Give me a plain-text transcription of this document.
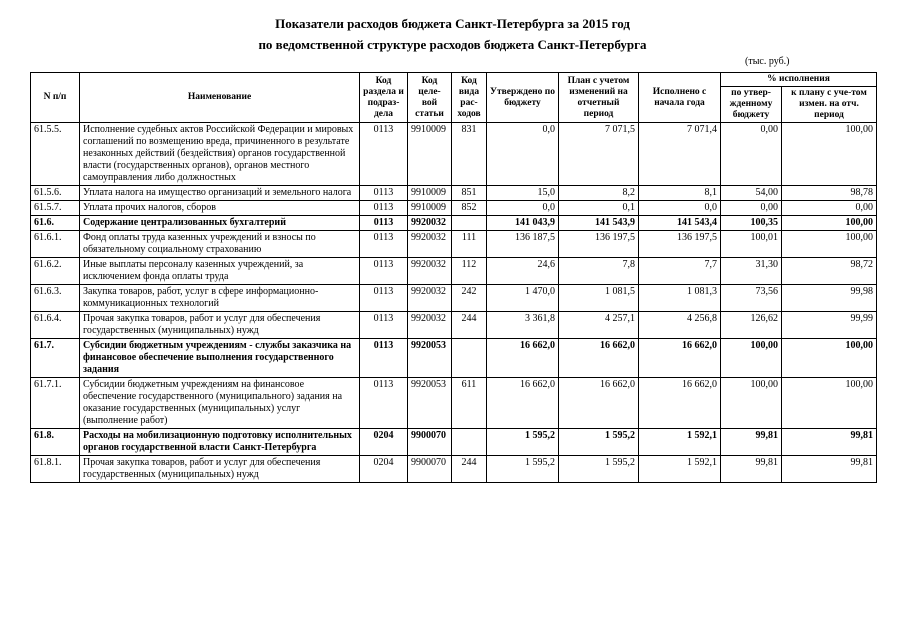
Показатели расходов бюджета Санкт-Петербурга за 2015 год
по ведомственной структуре расходов бюджета Санкт-Петербурга
(тыс. руб.)
N п/п	Наименование	Код раздела и подраз-дела	Код целе-вой статьи	Код вида рас-ходов	Утверждено по бюджету	План с учетом изменений на отчетный период	Исполнено с начала года	% исполнения	
								по утвер-жденному бюджету	к плану с уче-том измен. на отч. период
61.5.5.	Исполнение судебных актов Российской Федерации и мировых соглашений по возмещению вреда, причиненного в результате незаконных действий (бездействия) органов государственной власти (государственных органов), органов местного самоуправления либо должностных	0113	9910009	831	0,0	7 071,5	7 071,4	0,00	100,00
61.5.6.	Уплата налога на имущество организаций и земельного налога	0113	9910009	851	15,0	8,2	8,1	54,00	98,78
61.5.7.	Уплата прочих налогов, сборов	0113	9910009	852	0,0	0,1	0,0	0,00	0,00
61.6.	Содержание централизованных бухгалтерий	0113	9920032		141 043,9	141 543,9	141 543,4	100,35	100,00
61.6.1.	Фонд оплаты труда казенных учреждений и взносы по обязательному социальному страхованию	0113	9920032	111	136 187,5	136 197,5	136 197,5	100,01	100,00
61.6.2.	Иные выплаты персоналу казенных учреждений, за исключением фонда оплаты труда	0113	9920032	112	24,6	7,8	7,7	31,30	98,72
61.6.3.	Закупка товаров, работ, услуг в сфере информационно-коммуникационных технологий	0113	9920032	242	1 470,0	1 081,5	1 081,3	73,56	99,98
61.6.4.	Прочая закупка товаров, работ и услуг для обеспечения государственных (муниципальных) нужд	0113	9920032	244	3 361,8	4 257,1	4 256,8	126,62	99,99
61.7.	Субсидии бюджетным учреждениям - службы заказчика на финансовое обеспечение выполнения государственного задания	0113	9920053		16 662,0	16 662,0	16 662,0	100,00	100,00
61.7.1.	Субсидии бюджетным учреждениям на финансовое обеспечение государственного (муниципального) задания на оказание государственных (муниципальных) услуг (выполнение работ)	0113	9920053	611	16 662,0	16 662,0	16 662,0	100,00	100,00
61.8.	Расходы на мобилизационную подготовку исполнительных органов государственной власти Санкт-Петербурга	0204	9900070		1 595,2	1 595,2	1 592,1	99,81	99,81
61.8.1.	Прочая закупка товаров, работ и услуг для обеспечения государственных (муниципальных) нужд	0204	9900070	244	1 595,2	1 595,2	1 592,1	99,81	99,81
